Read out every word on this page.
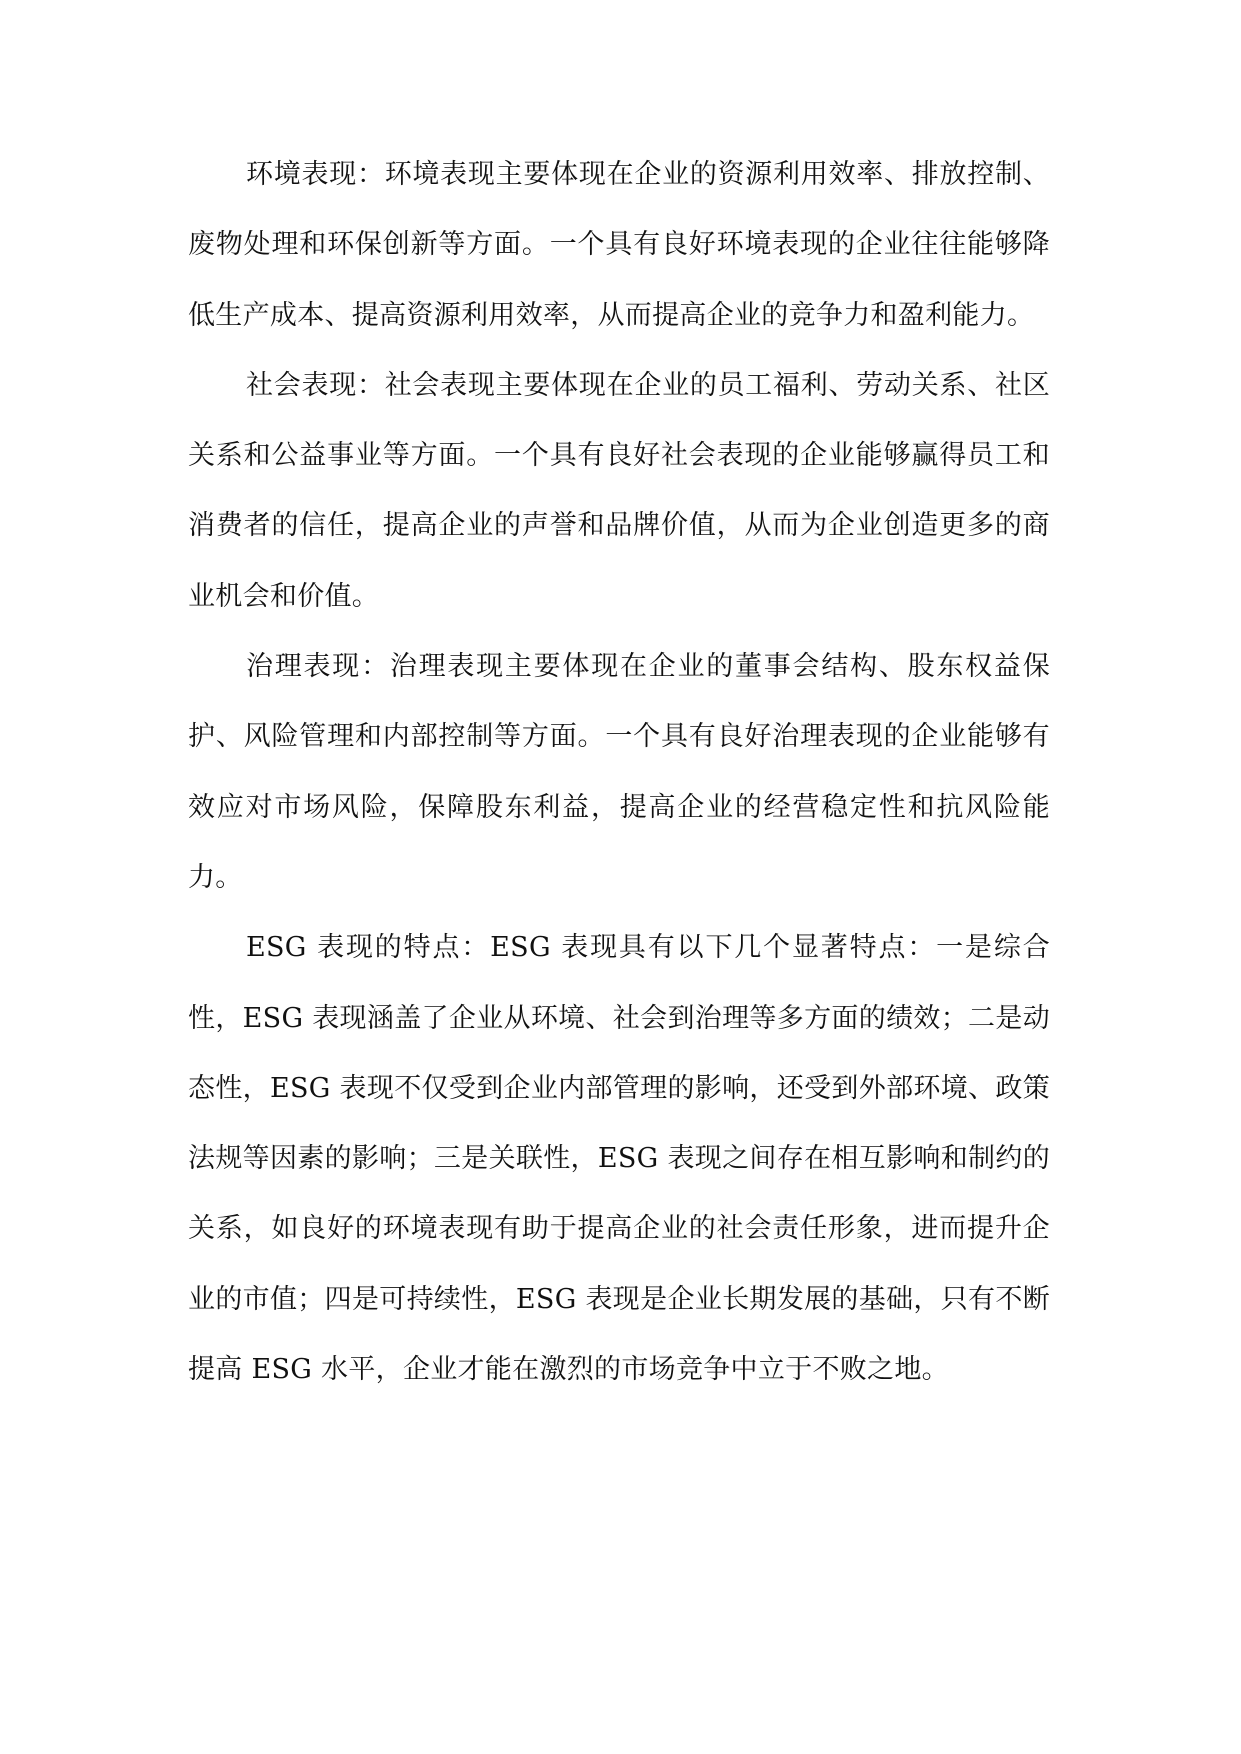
环境表现：环境表现主要体现在企业的资源利用效率、排放控制、废物处理和环保创新等方面。一个具有良好环境表现的企业往往能够降低生产成本、提高资源利用效率，从而提高企业的竞争力和盈利能力。

社会表现：社会表现主要体现在企业的员工福利、劳动关系、社区关系和公益事业等方面。一个具有良好社会表现的企业能够赢得员工和消费者的信任，提高企业的声誉和品牌价值，从而为企业创造更多的商业机会和价值。

治理表现：治理表现主要体现在企业的董事会结构、股东权益保护、风险管理和内部控制等方面。一个具有良好治理表现的企业能够有效应对市场风险，保障股东利益，提高企业的经营稳定性和抗风险能力。

ESG 表现的特点：ESG 表现具有以下几个显著特点：一是综合性，ESG 表现涵盖了企业从环境、社会到治理等多方面的绩效；二是动态性，ESG 表现不仅受到企业内部管理的影响，还受到外部环境、政策法规等因素的影响；三是关联性，ESG 表现之间存在相互影响和制约的关系，如良好的环境表现有助于提高企业的社会责任形象，进而提升企业的市值；四是可持续性，ESG 表现是企业长期发展的基础，只有不断提高 ESG 水平，企业才能在激烈的市场竞争中立于不败之地。
